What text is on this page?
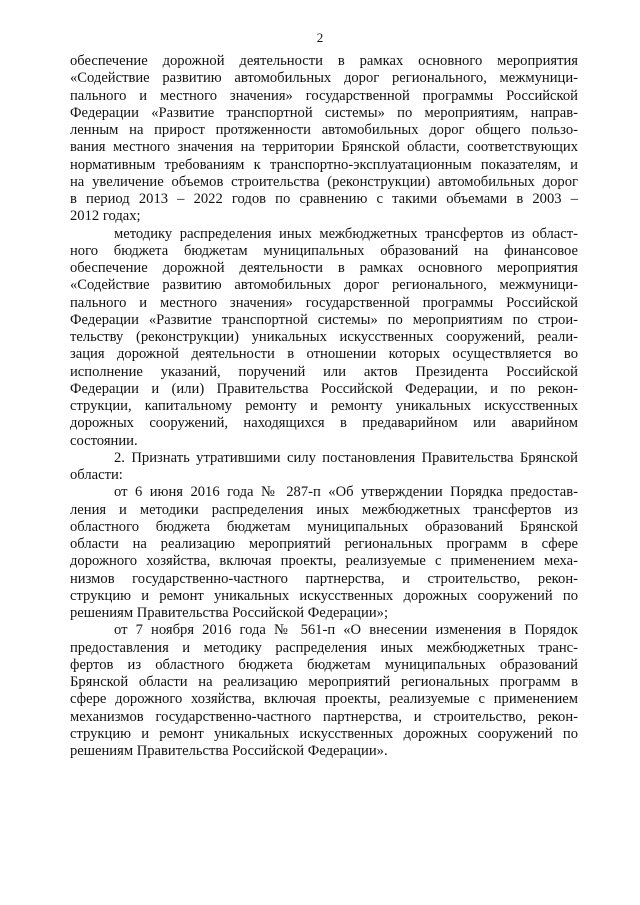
2
обеспечение дорожной деятельности в рамках основного мероприятия
«Содействие развитию автомобильных дорог регионального, межмуници-
пального и местного значения» государственной программы Российской
Федерации «Развитие транспортной системы» по мероприятиям, направ-
ленным на прирост протяженности автомобильных дорог общего пользо-
вания местного значения на территории Брянской области, соответствующих
нормативным требованиям к транспортно-эксплуатационным показателям, и
на увеличение объемов строительства (реконструкции) автомобильных дорог
в период 2013 – 2022 годов по сравнению с такими объемами в 2003 –
2012 годах;
методику распределения иных межбюджетных трансфертов из област-
ного бюджета бюджетам муниципальных образований на финансовое
обеспечение дорожной деятельности в рамках основного мероприятия
«Содействие развитию автомобильных дорог регионального, межмуници-
пального и местного значения» государственной программы Российской
Федерации «Развитие транспортной системы» по мероприятиям по строи-
тельству (реконструкции) уникальных искусственных сооружений, реали-
зация дорожной деятельности в отношении которых осуществляется во
исполнение указаний, поручений или актов Президента Российской
Федерации и (или) Правительства Российской Федерации, и по рекон-
струкции, капитальному ремонту и ремонту уникальных искусственных
дорожных сооружений, находящихся в предаварийном или аварийном
состоянии.
2. Признать утратившими силу постановления Правительства Брянской
области:
от 6 июня 2016 года № 287-п «Об утверждении Порядка предостав-
ления и методики распределения иных межбюджетных трансфертов из
областного бюджета бюджетам муниципальных образований Брянской
области на реализацию мероприятий региональных программ в сфере
дорожного хозяйства, включая проекты, реализуемые с применением меха-
низмов государственно-частного партнерства, и строительство, рекон-
струкцию и ремонт уникальных искусственных дорожных сооружений по
решениям Правительства Российской Федерации»;
от 7 ноября 2016 года № 561-п «О внесении изменения в Порядок
предоставления и методику распределения иных межбюджетных транс-
фертов из областного бюджета бюджетам муниципальных образований
Брянской области на реализацию мероприятий региональных программ в
сфере дорожного хозяйства, включая проекты, реализуемые с применением
механизмов государственно-частного партнерства, и строительство, рекон-
струкцию и ремонт уникальных искусственных дорожных сооружений по
решениям Правительства Российской Федерации».
